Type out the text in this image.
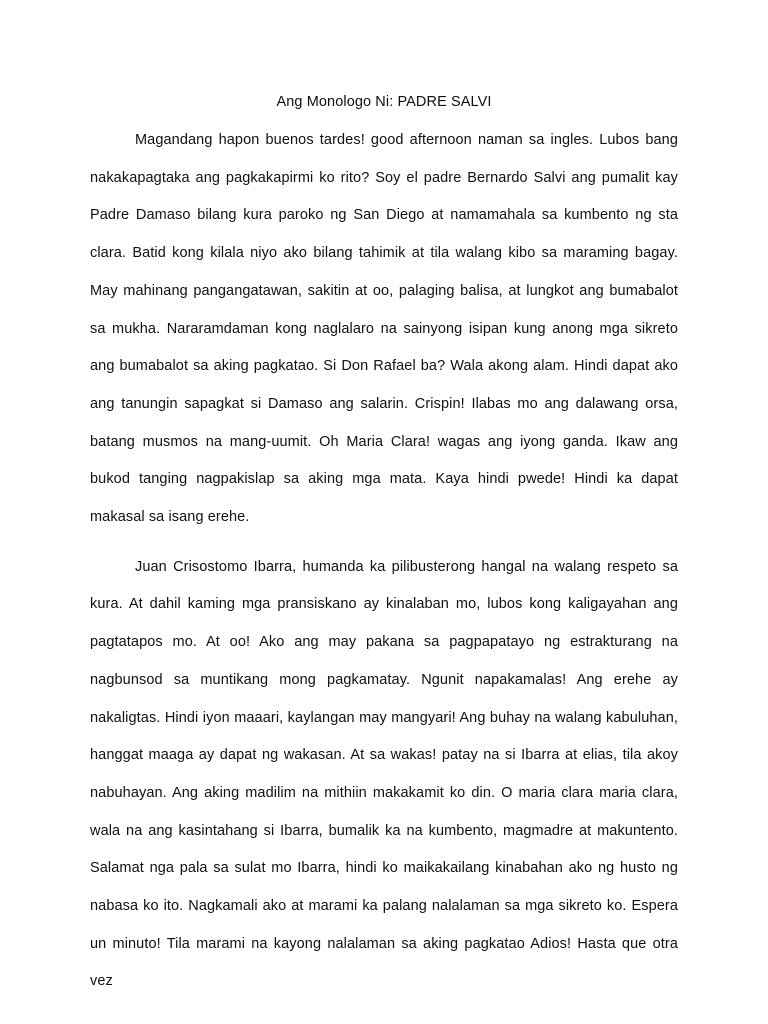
Ang Monologo Ni: PADRE SALVI

Magandang hapon buenos tardes! good afternoon naman sa ingles. Lubos bang nakakapagtaka ang pagkakapirmi ko rito? Soy el padre Bernardo Salvi ang pumalit kay Padre Damaso bilang kura paroko ng San Diego at namamahala sa kumbento ng sta clara. Batid kong kilala niyo ako bilang tahimik at tila walang kibo sa maraming bagay. May mahinang pangangatawan, sakitin at oo, palaging balisa, at lungkot ang bumabalot sa mukha. Nararamdaman kong naglalaro na sainyong isipan kung anong mga sikreto ang bumabalot sa aking pagkatao. Si Don Rafael ba? Wala akong alam. Hindi dapat ako ang tanungin sapagkat si Damaso ang salarin. Crispin! Ilabas mo ang dalawang orsa, batang musmos na mang-uumit. Oh Maria Clara! wagas ang iyong ganda. Ikaw ang bukod tanging nagpakislap sa aking mga mata. Kaya hindi pwede! Hindi ka dapat makasal sa isang erehe.

Juan Crisostomo Ibarra, humanda ka pilibusterong hangal na walang respeto sa kura. At dahil kaming mga pransiskano ay kinalaban mo, lubos kong kaligayahan ang pagtatapos mo. At oo! Ako ang may pakana sa pagpapatayo ng estrakturang na nagbunsod sa muntikang mong pagkamatay. Ngunit napakamalas! Ang erehe ay nakaligtas. Hindi iyon maaari, kaylangan may mangyari! Ang buhay na walang kabuluhan, hanggat maaga ay dapat ng wakasan. At sa wakas! patay na si Ibarra at elias, tila akoy nabuhayan. Ang aking madilim na mithiin makakamit ko din. O maria clara maria clara, wala na ang kasintahang si Ibarra, bumalik ka na kumbento, magmadre at makuntento. Salamat nga pala sa sulat mo Ibarra, hindi ko maikakailang kinabahan ako ng husto ng nabasa ko ito. Nagkamali ako at marami ka palang nalalaman sa mga sikreto ko. Espera un minuto! Tila marami na kayong nalalaman sa aking pagkatao Adios! Hasta que otra vez
